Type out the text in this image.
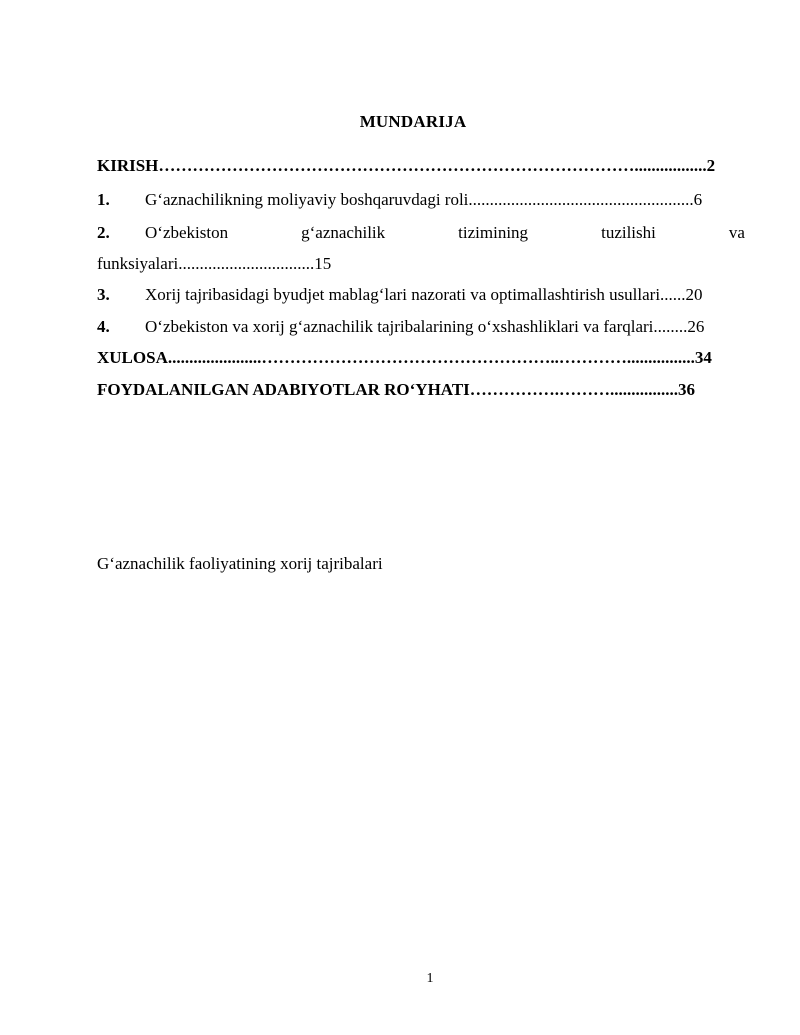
MUNDARIJA
KIRISH………………………………………………………………………….................2
1. G‘aznachilikning moliyaviy boshqaruvdagi roli.....................................................6
2. O‘zbekiston	g‘aznachilik	tizimining	tuzilishi	va
funksiyalari................................15
3. Xorij tajribasidagi byudjet mablag‘lari nazorati va optimallashtirish usullari......20
4. O‘zbekiston va xorij g‘aznachilik tajribalarining o‘xshashliklari va farqlari........26
XULOSA......................……………………………………………..…………................34
FOYDALANILGAN ADABIYOTLAR RO‘YHATI…………….………................36
G‘aznachilik faoliyatining xorij tajribalari
1
